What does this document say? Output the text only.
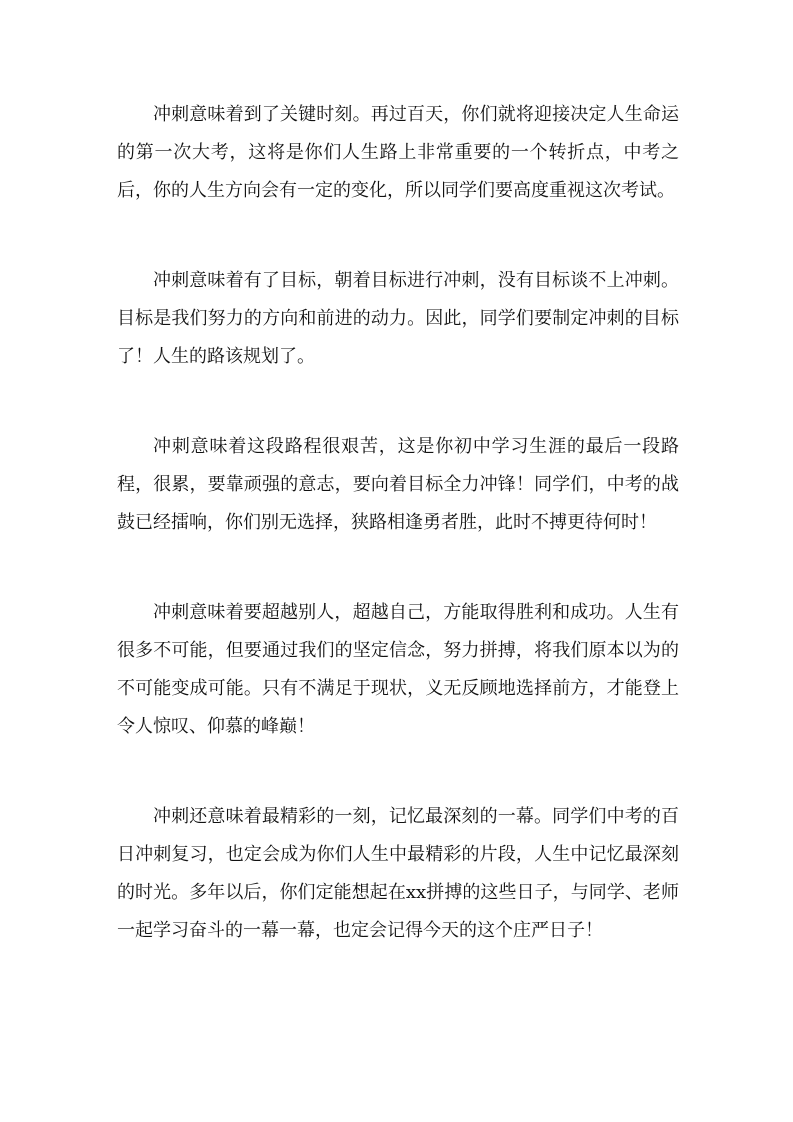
冲刺意味着到了关键时刻。再过百天，你们就将迎接决定人生命运的第一次大考，这将是你们人生路上非常重要的一个转折点，中考之后，你的人生方向会有一定的变化，所以同学们要高度重视这次考试。

冲刺意味着有了目标，朝着目标进行冲刺，没有目标谈不上冲刺。目标是我们努力的方向和前进的动力。因此，同学们要制定冲刺的目标了！人生的路该规划了。

冲刺意味着这段路程很艰苦，这是你初中学习生涯的最后一段路程，很累，要靠顽强的意志，要向着目标全力冲锋！同学们，中考的战鼓已经擂响，你们别无选择，狭路相逢勇者胜，此时不搏更待何时！

冲刺意味着要超越别人，超越自己，方能取得胜利和成功。人生有很多不可能，但要通过我们的坚定信念，努力拼搏，将我们原本以为的不可能变成可能。只有不满足于现状，义无反顾地选择前方，才能登上令人惊叹、仰慕的峰巅！

冲刺还意味着最精彩的一刻，记忆最深刻的一幕。同学们中考的百日冲刺复习，也定会成为你们人生中最精彩的片段，人生中记忆最深刻的时光。多年以后，你们定能想起在xx拼搏的这些日子，与同学、老师一起学习奋斗的一幕一幕，也定会记得今天的这个庄严日子！
